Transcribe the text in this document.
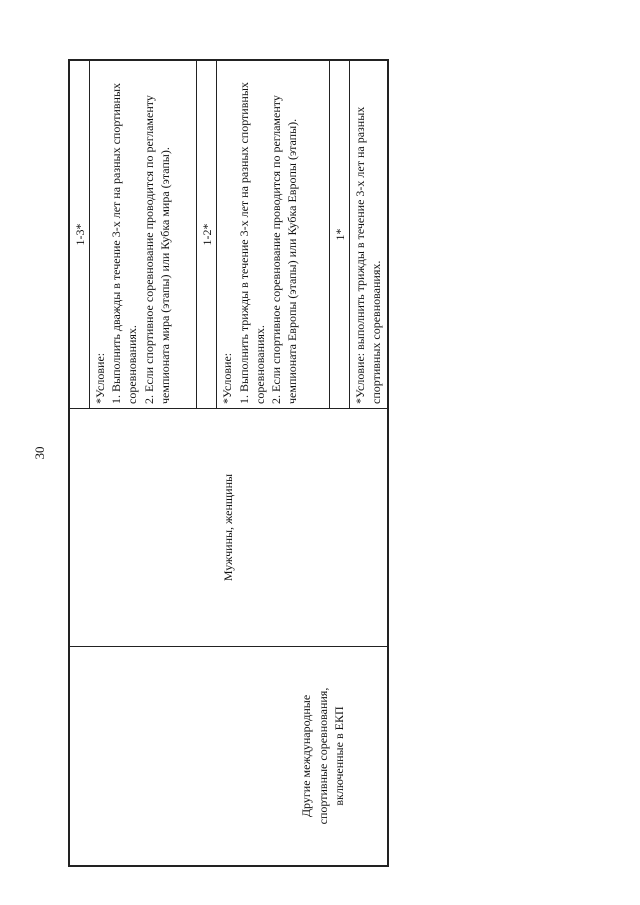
30
Другие международные спортивные соревнования, включенные в ЕКП
Мужчины, женщины
1-3*

*Условие: 1. Выполнить дважды в течение 3-х лет на разных спортивных соревнованиях. 2. Если спортивное соревнование проводится по регламенту чемпионата мира (этапы) или Кубка мира (этапы). 1-2*

*Условие: 1. Выполнить трижды в течение 3-х лет на разных спортивных соревнованиях. 2. Если спортивное соревнование проводится по регламенту чемпионата Европы (этапы) или Кубка Европы (этапы).	1* *Условие: выполнить трижды в течение 3-х лет на разных спортивных соревнованиях.
